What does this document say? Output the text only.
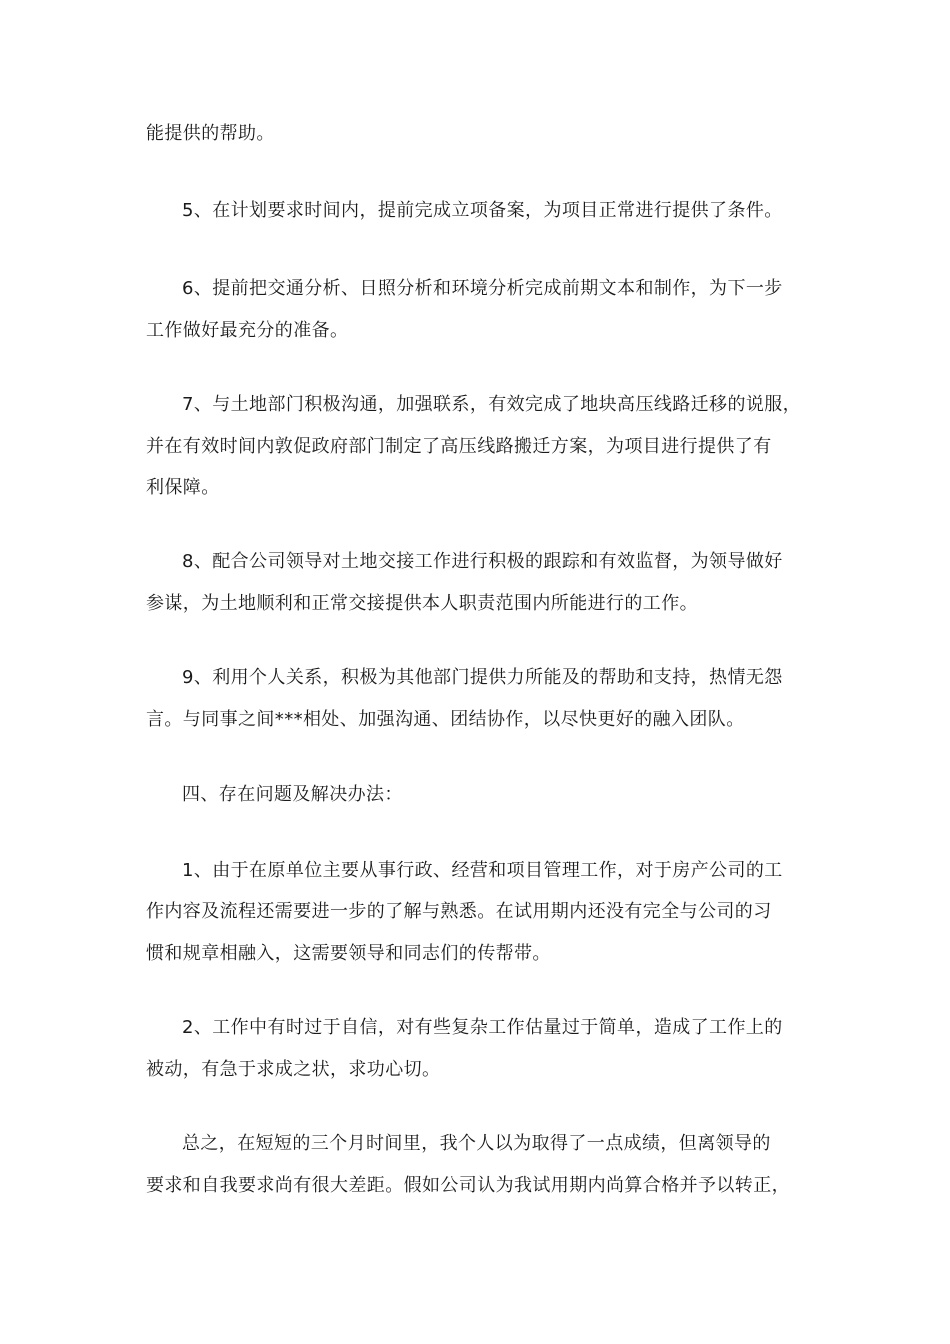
能提供的帮助。
5、在计划要求时间内，提前完成立项备案，为项目正常进行提供了条件。
6、提前把交通分析、日照分析和环境分析完成前期文本和制作，为下一步
工作做好最充分的准备。
7、与土地部门积极沟通，加强联系，有效完成了地块高压线路迁移的说服，
并在有效时间内敦促政府部门制定了高压线路搬迁方案，为项目进行提供了有
利保障。
8、配合公司领导对土地交接工作进行积极的跟踪和有效监督，为领导做好
参谋，为土地顺利和正常交接提供本人职责范围内所能进行的工作。
9、利用个人关系，积极为其他部门提供力所能及的帮助和支持，热情无怨
言。与同事之间***相处、加强沟通、团结协作，以尽快更好的融入团队。
四、存在问题及解决办法：
1、由于在原单位主要从事行政、经营和项目管理工作，对于房产公司的工
作内容及流程还需要进一步的了解与熟悉。在试用期内还没有完全与公司的习
惯和规章相融入，这需要领导和同志们的传帮带。
2、工作中有时过于自信，对有些复杂工作估量过于简单，造成了工作上的
被动，有急于求成之状，求功心切。
总之，在短短的三个月时间里，我个人以为取得了一点成绩，但离领导的
要求和自我要求尚有很大差距。假如公司认为我试用期内尚算合格并予以转正，
